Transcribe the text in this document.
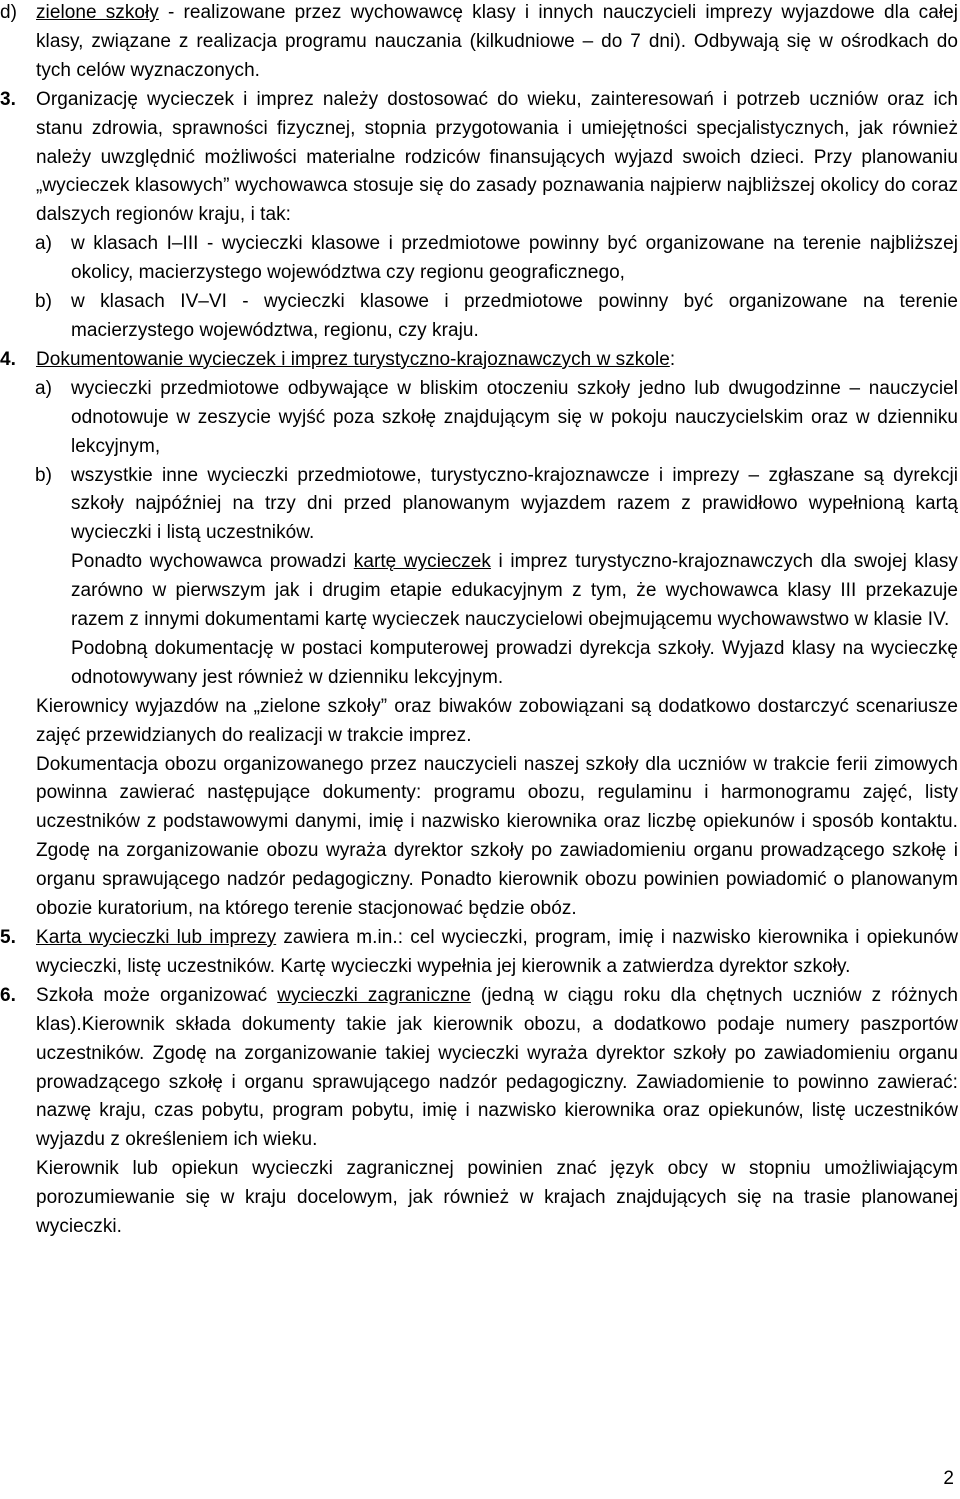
d) zielone szkoły - realizowane przez wychowawcę klasy i innych nauczycieli imprezy wyjazdowe dla całej klasy, związane z realizacja programu nauczania (kilkudniowe – do 7 dni). Odbywają się w ośrodkach do tych celów wyznaczonych.

3. Organizację wycieczek i imprez należy dostosować do wieku, zainteresowań i potrzeb uczniów oraz ich stanu zdrowia, sprawności fizycznej, stopnia przygotowania i umiejętności specjalistycznych, jak również należy uwzględnić możliwości materialne rodziców finansujących wyjazd swoich dzieci. Przy planowaniu „wycieczek klasowych” wychowawca stosuje się do zasady poznawania najpierw najbliższej okolicy do coraz dalszych regionów kraju, i tak:

a) w klasach I–III - wycieczki klasowe i przedmiotowe powinny być organizowane na terenie najbliższej okolicy, macierzystego województwa czy regionu geograficznego,

b) w klasach IV–VI - wycieczki klasowe i przedmiotowe powinny być organizowane na terenie macierzystego województwa, regionu, czy kraju.

4. Dokumentowanie wycieczek i imprez turystyczno-krajoznawczych w szkole:

a) wycieczki przedmiotowe odbywające w bliskim otoczeniu szkoły jedno lub dwugodzinne – nauczyciel odnotowuje w zeszycie wyjść poza szkołę znajdującym się w pokoju nauczycielskim oraz w dzienniku lekcyjnym,

b) wszystkie inne wycieczki przedmiotowe, turystyczno-krajoznawcze i imprezy – zgłaszane są dyrekcji szkoły najpóźniej na trzy dni przed planowanym wyjazdem razem z prawidłowo wypełnioną kartą wycieczki i listą uczestników.

Ponadto wychowawca prowadzi kartę wycieczek i imprez turystyczno-krajoznawczych dla swojej klasy zarówno w pierwszym jak i drugim etapie edukacyjnym z tym, że wychowawca klasy III przekazuje razem z innymi dokumentami kartę wycieczek nauczycielowi obejmującemu wychowawstwo w klasie IV.

Podobną dokumentację w postaci komputerowej prowadzi dyrekcja szkoły. Wyjazd klasy na wycieczkę odnotowywany jest również w dzienniku lekcyjnym.

Kierownicy wyjazdów na „zielone szkoły” oraz biwaków zobowiązani są dodatkowo dostarczyć scenariusze zajęć przewidzianych do realizacji w trakcie imprez.

Dokumentacja obozu organizowanego przez nauczycieli naszej szkoły dla uczniów w trakcie ferii zimowych powinna zawierać następujące dokumenty: programu obozu, regulaminu i harmonogramu zajęć, listy uczestników z podstawowymi danymi, imię i nazwisko kierownika oraz liczbę opiekunów i sposób kontaktu. Zgodę na zorganizowanie obozu wyraża dyrektor szkoły po zawiadomieniu organu prowadzącego szkołę i organu sprawującego nadzór pedagogiczny. Ponadto kierownik obozu powinien powiadomić o planowanym obozie kuratorium, na którego terenie stacjonować będzie obóz.

5. Karta wycieczki lub imprezy zawiera m.in.: cel wycieczki, program, imię i nazwisko kierownika i opiekunów wycieczki, listę uczestników. Kartę wycieczki wypełnia jej kierownik a zatwierdza dyrektor szkoły.

6. Szkoła może organizować wycieczki zagraniczne (jedną w ciągu roku dla chętnych uczniów z różnych klas).Kierownik składa dokumenty takie jak kierownik obozu, a dodatkowo podaje numery paszportów uczestników. Zgodę na zorganizowanie takiej wycieczki wyraża dyrektor szkoły po zawiadomieniu organu prowadzącego szkołę i organu sprawującego nadzór pedagogiczny. Zawiadomienie to powinno zawierać: nazwę kraju, czas pobytu, program pobytu, imię i nazwisko kierownika oraz opiekunów, listę uczestników wyjazdu z określeniem ich wieku.

Kierownik lub opiekun wycieczki zagranicznej powinien znać język obcy w stopniu umożliwiającym porozumiewanie się w kraju docelowym, jak również w krajach znajdujących się na trasie planowanej wycieczki.

2
